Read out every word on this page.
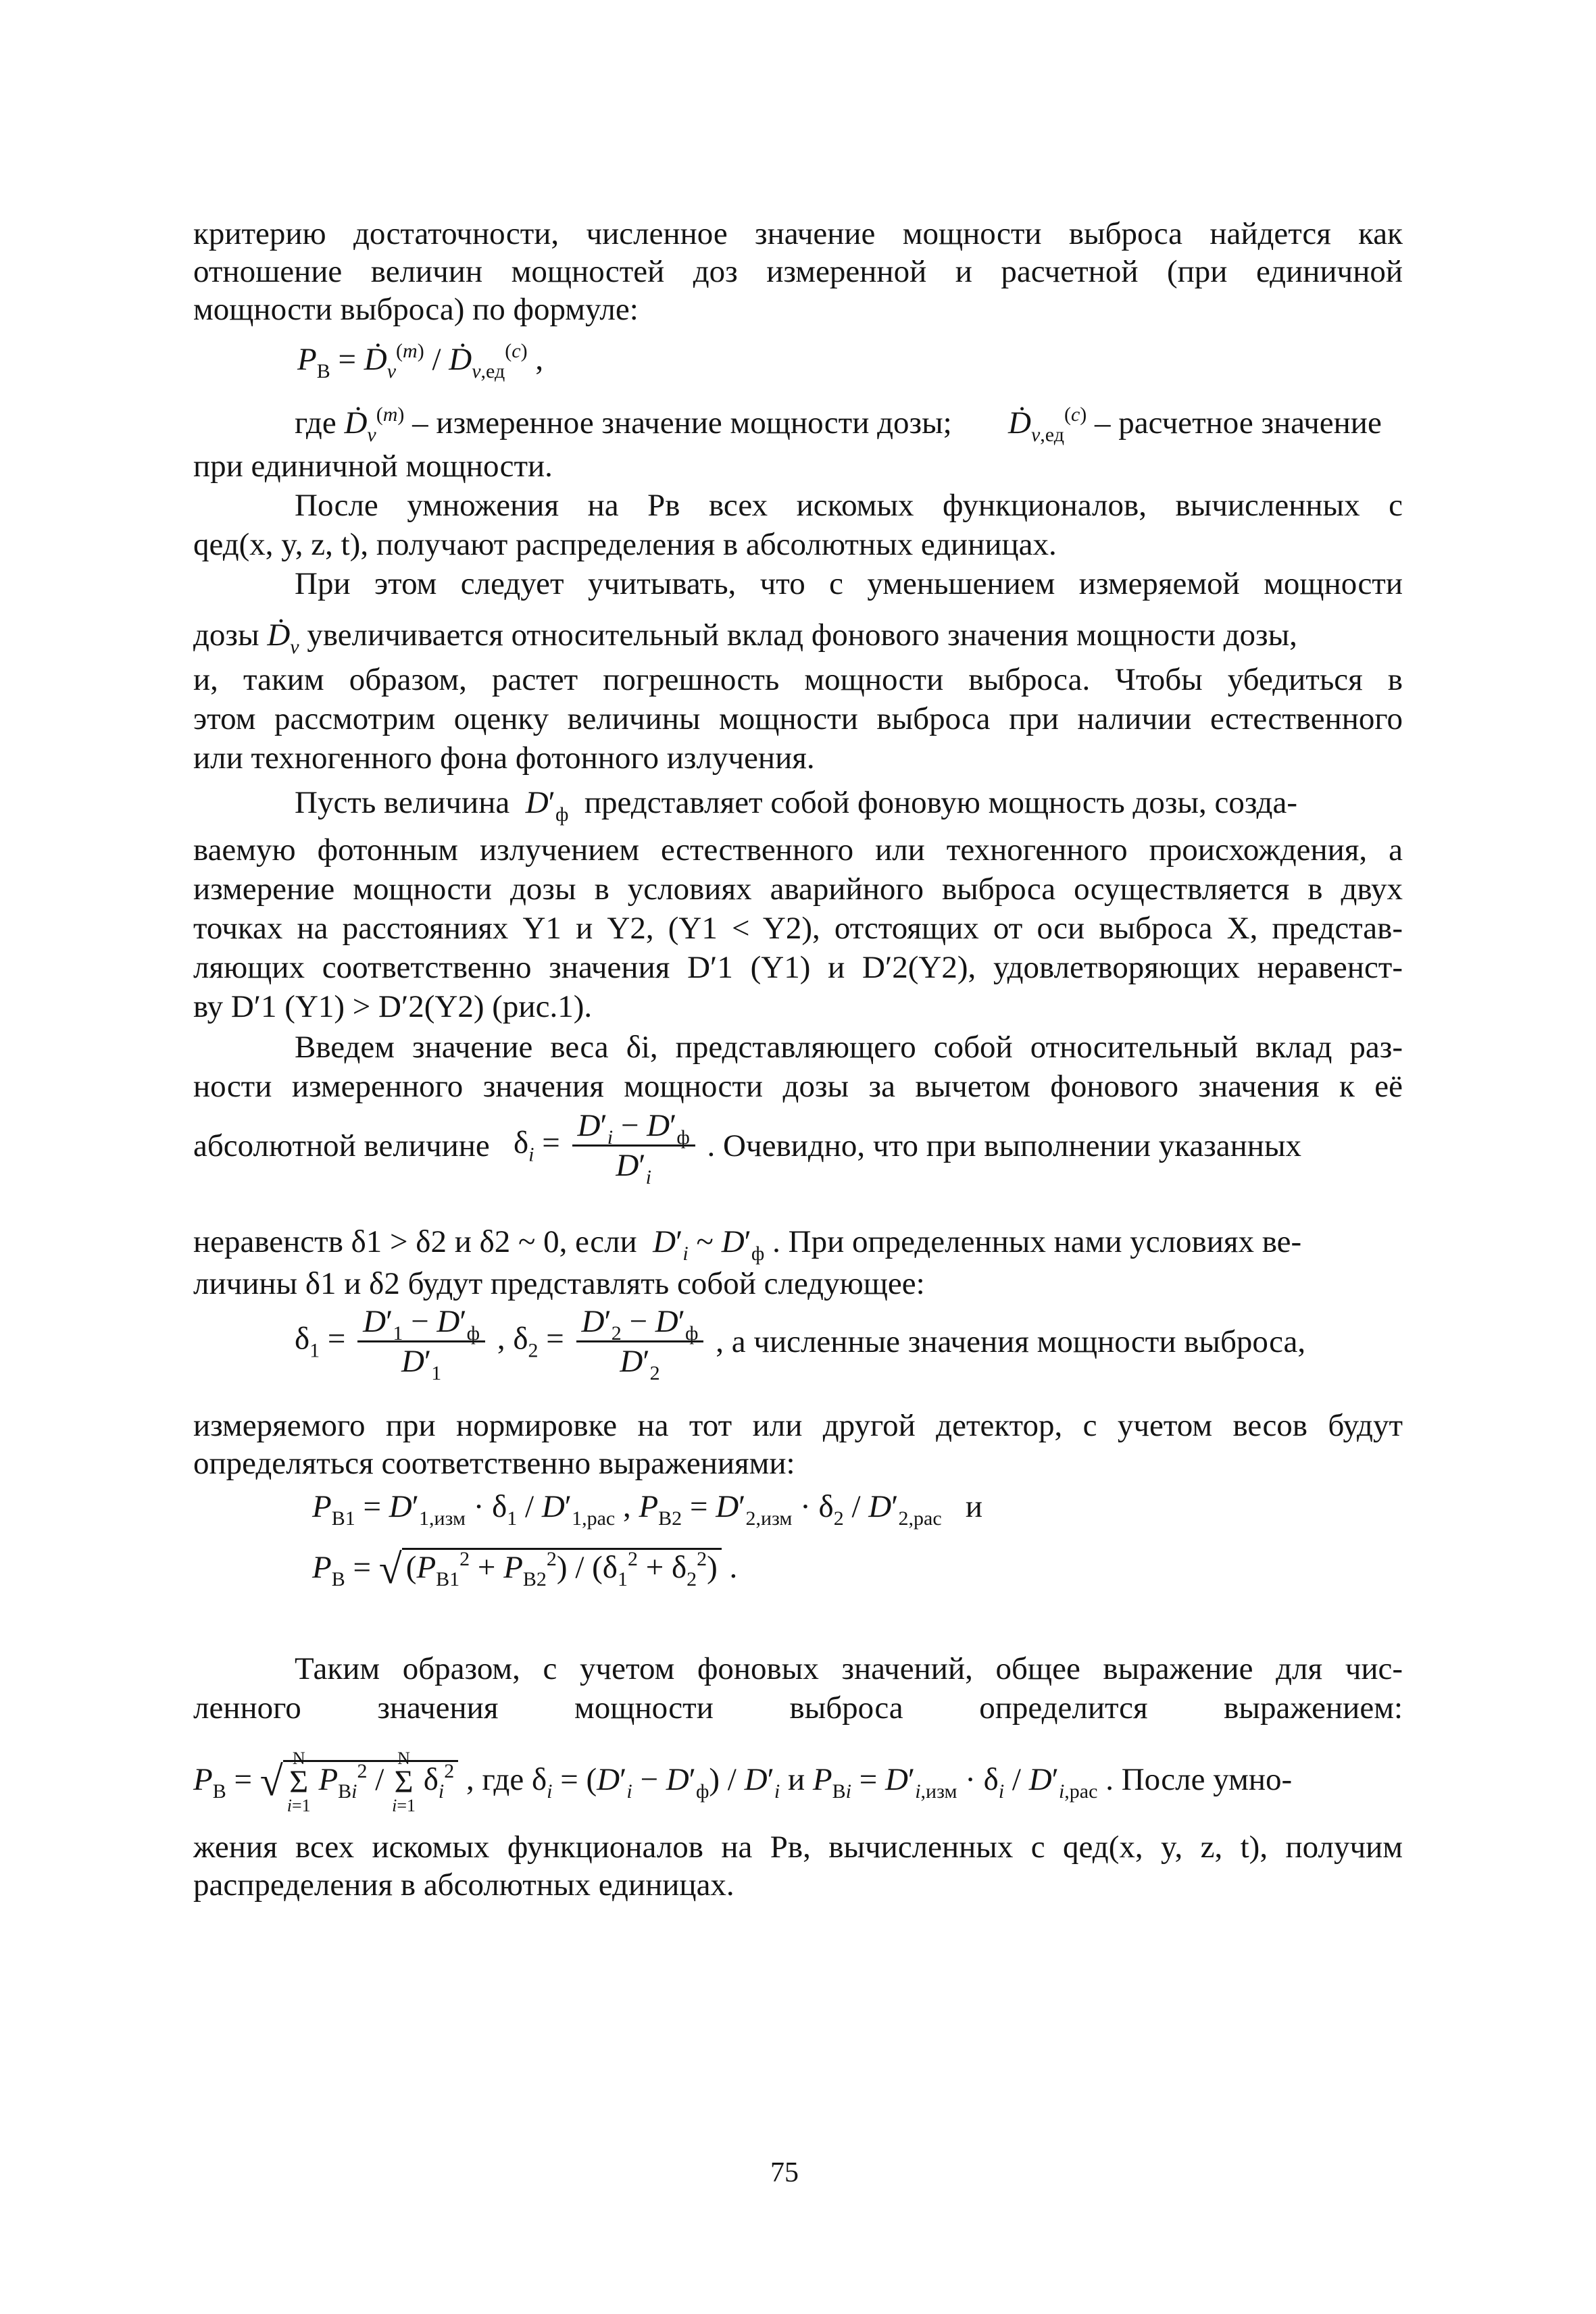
критерию достаточности, численное значение мощности выброса найдется как
отношение величин мощностей доз измеренной и расчетной (при единичной
мощности выброса) по формуле:
$P_В$ = Ḋ$_v^{(m)}$ / Ḋ$_{v,ед}^{(c)}$ ,
где Ḋ$_v^{(m)}$ – измеренное значение мощности дозы; Ḋ$_{v,ед}^{(c)}$ – расчетное значение
при единичной мощности.
После умножения на Pв всех искомых функционалов, вычисленных с
qед(x, y, z, t), получают распределения в абсолютных единицах.
При этом следует учитывать, что с уменьшением измеряемой мощности
дозы Ḋ$_v$ увеличивается относительный вклад фонового значения мощности дозы,
и, таким образом, растет погрешность мощности выброса. Чтобы убедиться в
этом рассмотрим оценку величины мощности выброса при наличии естественного
или техногенного фона фотонного излучения.
Пусть величина $D'_ф$ представляет собой фоновую мощность дозы, созда-
ваемую фотонным излучением естественного или техногенного происхождения, а
измерение мощности дозы в условиях аварийного выброса осуществляется в двух
точках на расстояниях Y1 и Y2, (Y1 < Y2), отстоящих от оси выброса X, представ-
ляющих соответственно значения D′1 (Y1) и D′2(Y2), удовлетворяющих неравенст-
ву D′1 (Y1) > D′2(Y2) (рис.1).
Введем значение веса δi, представляющего собой относительный вклад раз-
ности измеренного значения мощности дозы за вычетом фонового значения к её
абсолютной величине   $\delta_i = \frac{D'_i - D'_ф}{D'_i}$ . Очевидно, что при выполнении указанных
неравенств δ1 > δ2 и δ2 ~ 0, если $D'_i$ ~ $D'_ф$ . При определенных нами условиях ве-
личины δ1 и δ2 будут представлять собой следующее:
$\delta_1 = \frac{D'_1 - D'_ф}{D'_1}$ , $\delta_2 = \frac{D'_2 - D'_ф}{D'_2}$ , а численные значения мощности выброса,
измеряемого при нормировке на тот или другой детектор, с учетом весов будут
определяться соответственно выражениями:
$P_{В1} = D'_{1,изм} \cdot \delta_1 / D'_{1,рас}$ , $P_{В2} = D'_{2,изм} \cdot \delta_2 / D'_{2,рас}$ и
$P_В$ = √ $(P_{В1}^2 + P_{В2}^2) / (\delta_1^2 + \delta_2^2)$ .
Таким образом, с учетом фоновых значений, общее выражение для чис-
ленного значения мощности выброса определится выражением:
$P_В = √N$
Σ
i=1 $P_{Вi}^2$ / N
Σ
i=1 $\delta_i^2$ , где $\delta_i = (D'_i - D'_ф) / D'_i$ и $P_{Вi} = D'_{i,изм} \cdot \delta_i / D'_{i,рас}$ . После умно-
жения всех искомых функционалов на Pв, вычисленных с qед(x, y, z, t), получим
распределения в абсолютных единицах.
75
